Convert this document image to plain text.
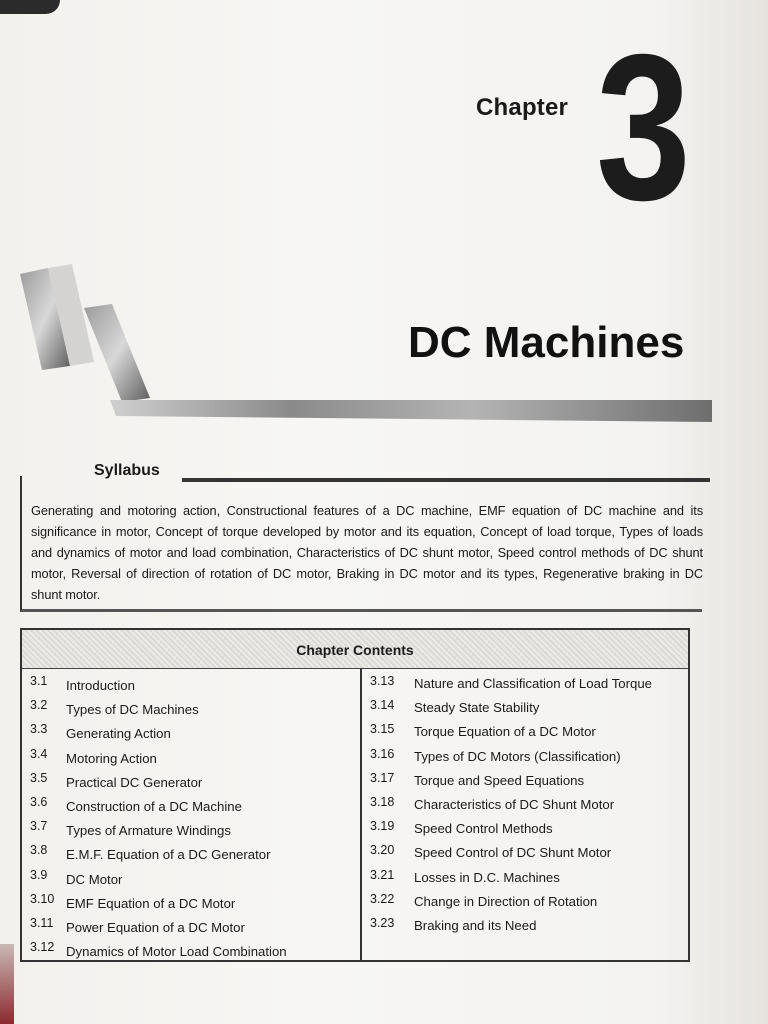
Chapter 3
DC Machines
Syllabus
Generating and motoring action, Constructional features of a DC machine, EMF equation of DC machine and its significance in motor, Concept of torque developed by motor and its equation, Concept of load torque, Types of loads and dynamics of motor and load combination, Characteristics of DC shunt motor, Speed control methods of DC shunt motor, Reversal of direction of rotation of DC motor, Braking in DC motor and its types, Regenerative braking in DC shunt motor.
Chapter Contents
3.1 Introduction
3.2 Types of DC Machines
3.3 Generating Action
3.4 Motoring Action
3.5 Practical DC Generator
3.6 Construction of a DC Machine
3.7 Types of Armature Windings
3.8 E.M.F. Equation of a DC Generator
3.9 DC Motor
3.10 EMF Equation of a DC Motor
3.11 Power Equation of a DC Motor
3.12 Dynamics of Motor Load Combination
3.13 Nature and Classification of Load Torque
3.14 Steady State Stability
3.15 Torque Equation of a DC Motor
3.16 Types of DC Motors (Classification)
3.17 Torque and Speed Equations
3.18 Characteristics of DC Shunt Motor
3.19 Speed Control Methods
3.20 Speed Control of DC Shunt Motor
3.21 Losses in D.C. Machines
3.22 Change in Direction of Rotation
3.23 Braking and its Need
